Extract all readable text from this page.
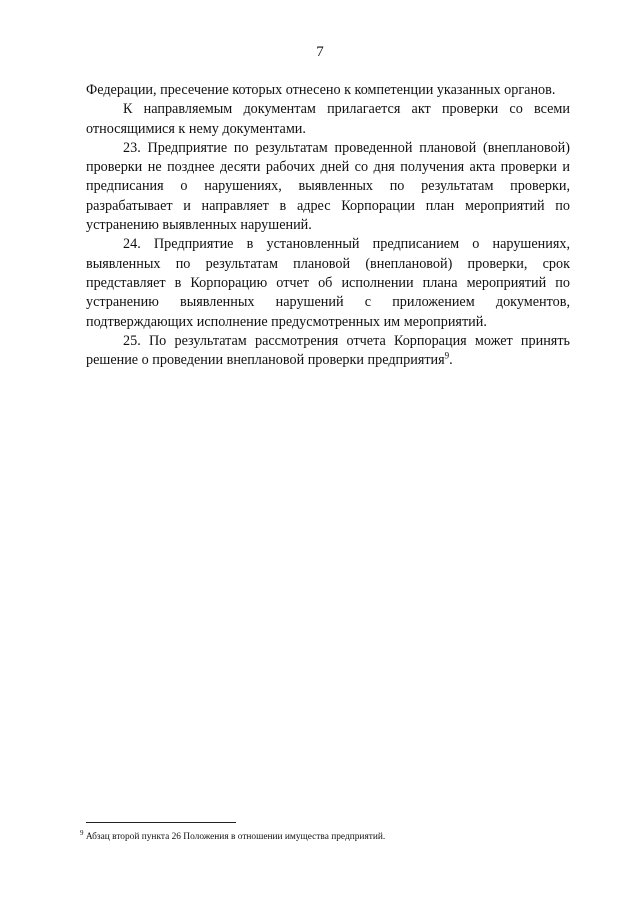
7

Федерации, пресечение которых отнесено к компетенции указанных органов.

К направляемым документам прилагается акт проверки со всеми относящимися к нему документами.

23. Предприятие по результатам проведенной плановой (внеплановой) проверки не позднее десяти рабочих дней со дня получения акта проверки и предписания о нарушениях, выявленных по результатам проверки, разрабатывает и направляет в адрес Корпорации план мероприятий по устранению выявленных нарушений.

24. Предприятие в установленный предписанием о нарушениях, выявленных по результатам плановой (внеплановой) проверки, срок представляет в Корпорацию отчет об исполнении плана мероприятий по устранению выявленных нарушений с приложением документов, подтверждающих исполнение предусмотренных им мероприятий.

25. По результатам рассмотрения отчета Корпорация может принять решение о проведении внеплановой проверки предприятия$^9$.

$^9$ Абзац второй пункта 26 Положения в отношении имущества предприятий.
